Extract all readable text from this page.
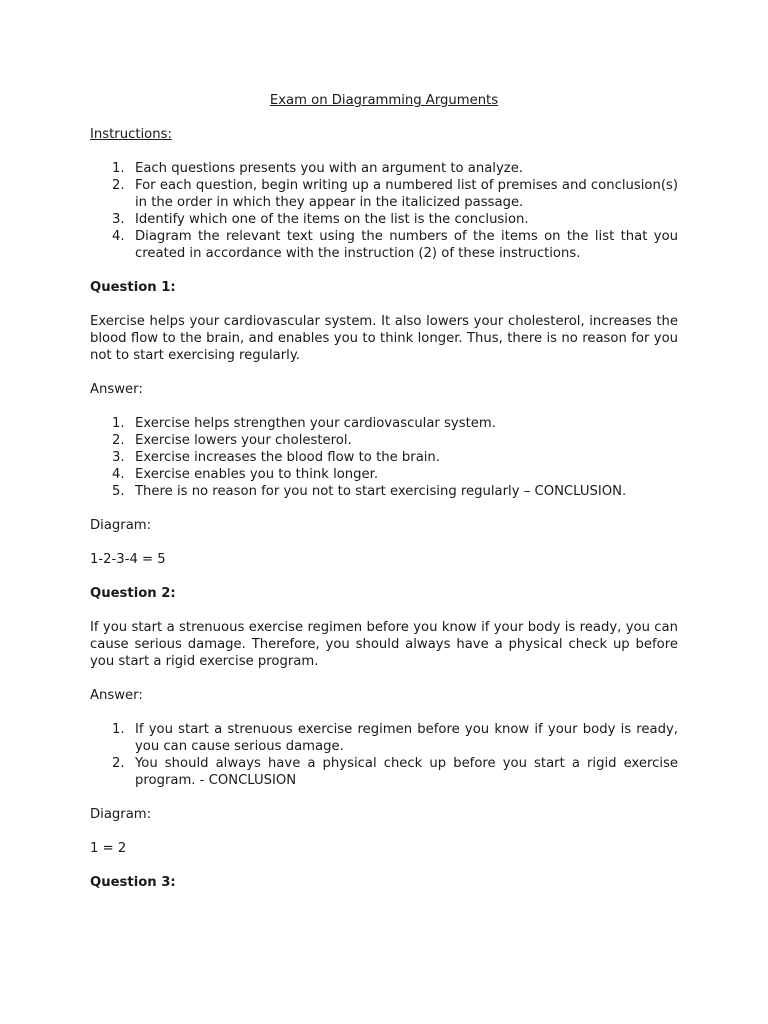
Exam on Diagramming Arguments

Instructions:

1. Each questions presents you with an argument to analyze.
2. For each question, begin writing up a numbered list of premises and conclusion(s) in the order in which they appear in the italicized passage.
3. Identify which one of the items on the list is the conclusion.
4. Diagram the relevant text using the numbers of the items on the list that you created in accordance with the instruction (2) of these instructions.
Question 1:

Exercise helps your cardiovascular system. It also lowers your cholesterol, increases the blood flow to the brain, and enables you to think longer. Thus, there is no reason for you not to start exercising regularly.

Answer:

1. Exercise helps strengthen your cardiovascular system.
2. Exercise lowers your cholesterol.
3. Exercise increases the blood flow to the brain.
4. Exercise enables you to think longer.
5. There is no reason for you not to start exercising regularly – CONCLUSION.

Diagram:

1-2-3-4 = 5

Question 2:

If you start a strenuous exercise regimen before you know if your body is ready, you can cause serious damage. Therefore, you should always have a physical check up before you start a rigid exercise program.

Answer:

1. If you start a strenuous exercise regimen before you know if your body is ready, you can cause serious damage.
2. You should always have a physical check up before you start a rigid exercise program. - CONCLUSION

Diagram:

1 = 2

Question 3:
